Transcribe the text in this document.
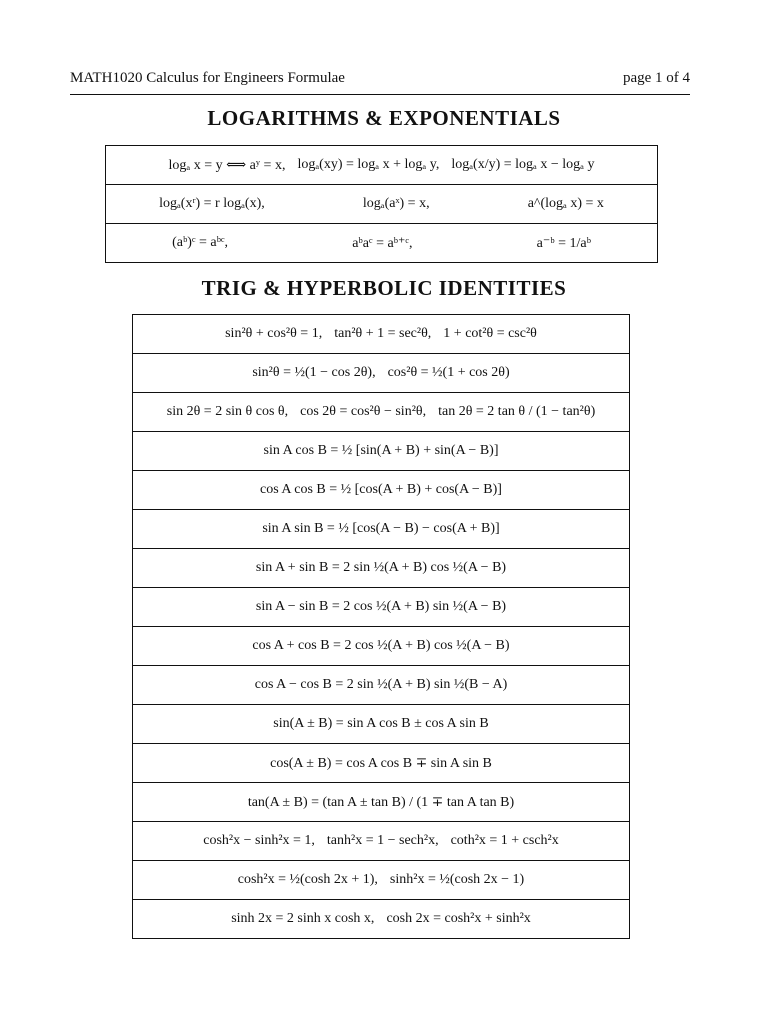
MATH1020 Calculus for Engineers Formulae	page 1 of 4
LOGARITHMS & EXPONENTIALS
logₐ x = y ⟺ aʸ = x, logₐ(xy) = logₐ x + logₐ y, logₐ(x/y) = logₐ x − logₐ y

logₐ(xʳ) = r logₐ(x),	logₐ(aˣ) = x,	a^(logₐ x) = x

(aᵇ)ᶜ = aᵇᶜ,	aᵇaᶜ = aᵇ⁺ᶜ,	a⁻ᵇ = 1/aᵇ
TRIG & HYPERBOLIC IDENTITIES
sin²θ + cos²θ = 1, tan²θ + 1 = sec²θ, 1 + cot²θ = csc²θ

sin²θ = ½(1 − cos 2θ), cos²θ = ½(1 + cos 2θ)

sin 2θ = 2 sin θ cos θ, cos 2θ = cos²θ − sin²θ, tan 2θ = 2 tan θ / (1 − tan²θ)

sin A cos B = ½ [sin(A + B) + sin(A − B)]

cos A cos B = ½ [cos(A + B) + cos(A − B)]

sin A sin B = ½ [cos(A − B) − cos(A + B)]

sin A + sin B = 2 sin ½(A + B) cos ½(A − B)

sin A − sin B = 2 cos ½(A + B) sin ½(A − B)

cos A + cos B = 2 cos ½(A + B) cos ½(A − B)

cos A − cos B = 2 sin ½(A + B) sin ½(B − A)

sin(A ± B) = sin A cos B ± cos A sin B

cos(A ± B) = cos A cos B ∓ sin A sin B

tan(A ± B) = (tan A ± tan B) / (1 ∓ tan A tan B)

cosh²x − sinh²x = 1, tanh²x = 1 − sech²x, coth²x = 1 + csch²x

cosh²x = ½(cosh 2x + 1), sinh²x = ½(cosh 2x − 1)

sinh 2x = 2 sinh x cosh x, cosh 2x = cosh²x + sinh²x
